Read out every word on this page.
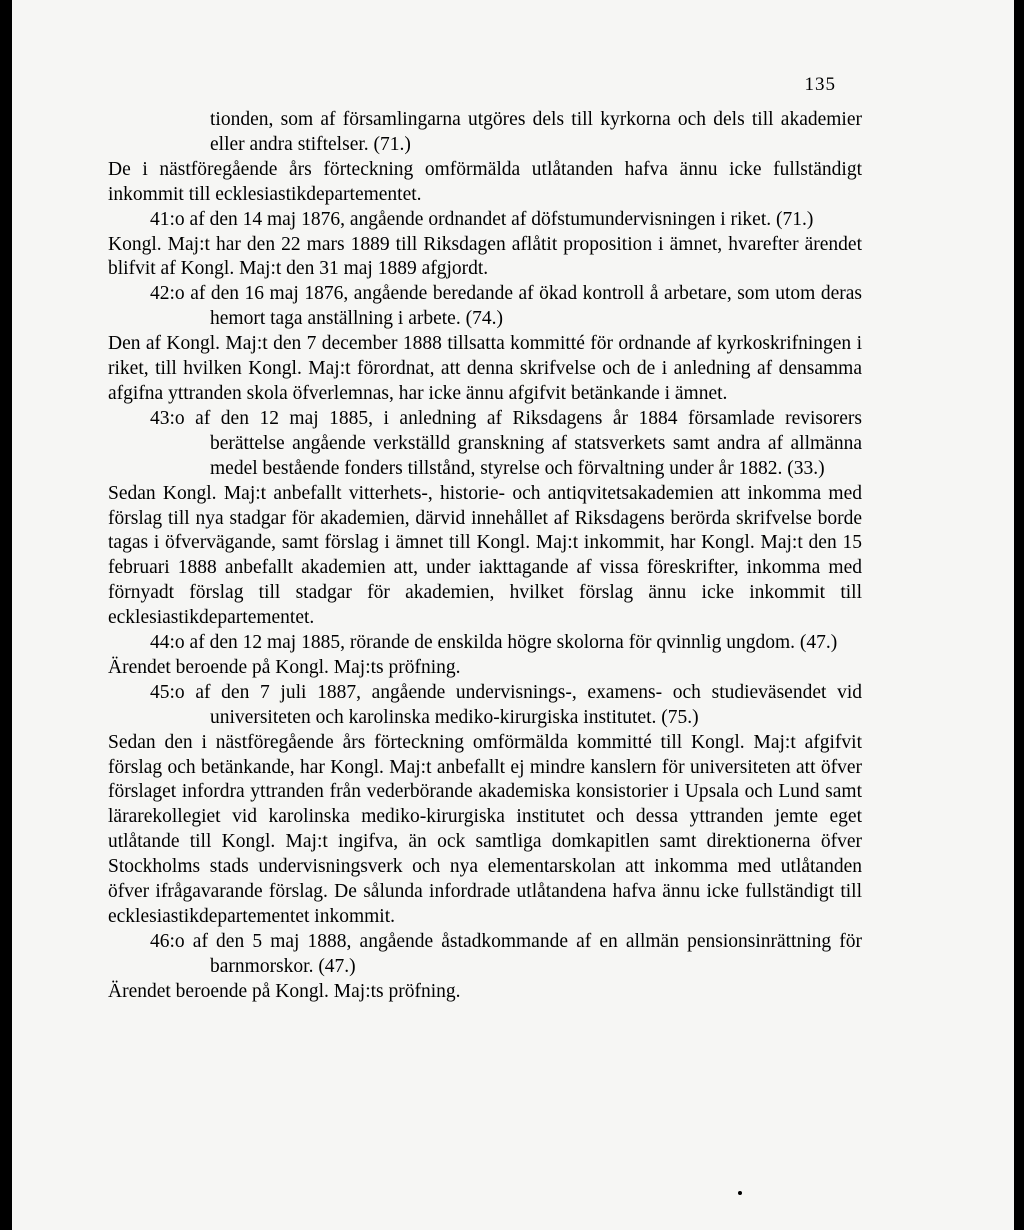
135

tionden, som af församlingarna utgöres dels till kyrkorna och dels till akademier eller andra stiftelser. (71.)

De i nästföregående års förteckning omförmälda utlåtanden hafva ännu icke fullständigt inkommit till ecklesiastikdepartementet.

41:o af den 14 maj 1876, angående ordnandet af döfstumundervisningen i riket. (71.)

Kongl. Maj:t har den 22 mars 1889 till Riksdagen aflåtit proposition i ämnet, hvarefter ärendet blifvit af Kongl. Maj:t den 31 maj 1889 afgjordt.

42:o af den 16 maj 1876, angående beredande af ökad kontroll å arbetare, som utom deras hemort taga anställning i arbete. (74.)

Den af Kongl. Maj:t den 7 december 1888 tillsatta kommitté för ordnande af kyrkoskrifningen i riket, till hvilken Kongl. Maj:t förordnat, att denna skrifvelse och de i anledning af densamma afgifna yttranden skola öfverlemnas, har icke ännu afgifvit betänkande i ämnet.

43:o af den 12 maj 1885, i anledning af Riksdagens år 1884 församlade revisorers berättelse angående verkställd granskning af statsverkets samt andra af allmänna medel bestående fonders tillstånd, styrelse och förvaltning under år 1882. (33.)

Sedan Kongl. Maj:t anbefallt vitterhets-, historie- och antiqvitetsakademien att inkomma med förslag till nya stadgar för akademien, därvid innehållet af Riksdagens berörda skrifvelse borde tagas i öfvervägande, samt förslag i ämnet till Kongl. Maj:t inkommit, har Kongl. Maj:t den 15 februari 1888 anbefallt akademien att, under iakttagande af vissa föreskrifter, inkomma med förnyadt förslag till stadgar för akademien, hvilket förslag ännu icke inkommit till ecklesiastikdepartementet.

44:o af den 12 maj 1885, rörande de enskilda högre skolorna för qvinnlig ungdom. (47.)

Ärendet beroende på Kongl. Maj:ts pröfning.

45:o af den 7 juli 1887, angående undervisnings-, examens- och studieväsendet vid universiteten och karolinska mediko-kirurgiska institutet. (75.)

Sedan den i nästföregående års förteckning omförmälda kommitté till Kongl. Maj:t afgifvit förslag och betänkande, har Kongl. Maj:t anbefallt ej mindre kanslern för universiteten att öfver förslaget infordra yttranden från vederbörande akademiska konsistorier i Upsala och Lund samt lärarekollegiet vid karolinska mediko-kirurgiska institutet och dessa yttranden jemte eget utlåtande till Kongl. Maj:t ingifva, än ock samtliga domkapitlen samt direktionerna öfver Stockholms stads undervisningsverk och nya elementarskolan att inkomma med utlåtanden öfver ifrågavarande förslag. De sålunda infordrade utlåtandena hafva ännu icke fullständigt till ecklesiastikdepartementet inkommit.

46:o af den 5 maj 1888, angående åstadkommande af en allmän pensionsinrättning för barnmorskor. (47.)

Ärendet beroende på Kongl. Maj:ts pröfning.
